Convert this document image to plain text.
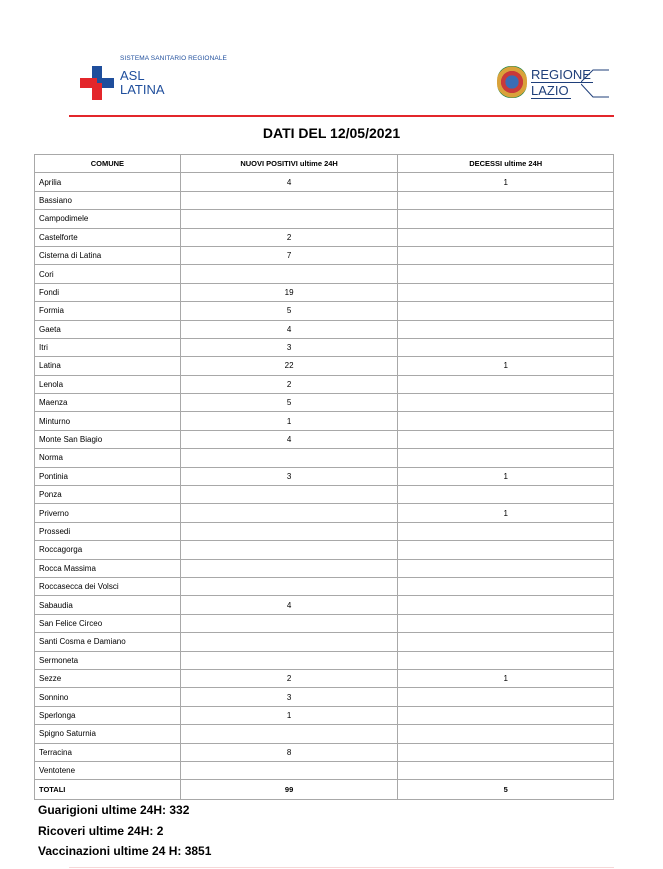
SISTEMA SANITARIO REGIONALE
ASL
LATINA
REGIONE
LAZIO
DATI DEL 12/05/2021
COMUNE	NUOVI POSITIVI ultime 24H	DECESSI ultime 24H
Aprilia	4	1
Bassiano		
Campodimele		
Castelforte	2	
Cisterna di Latina	7	
Cori		
Fondi	19	
Formia	5	
Gaeta	4	
Itri	3	
Latina	22	1
Lenola	2	
Maenza	5	
Minturno	1	
Monte San Biagio	4	
Norma		
Pontinia	3	1
Ponza		
Priverno		1
Prossedi		
Roccagorga		
Rocca Massima		
Roccasecca dei Volsci		
Sabaudia	4	
San Felice Circeo		
Santi Cosma e Damiano		
Sermoneta		
Sezze	2	1
Sonnino	3	
Sperlonga	1	
Spigno Saturnia		
Terracina	8	
Ventotene		
TOTALI	99	5
Guarigioni ultime 24H: 332
Ricoveri ultime 24H: 2
Vaccinazioni ultime 24 H: 3851
